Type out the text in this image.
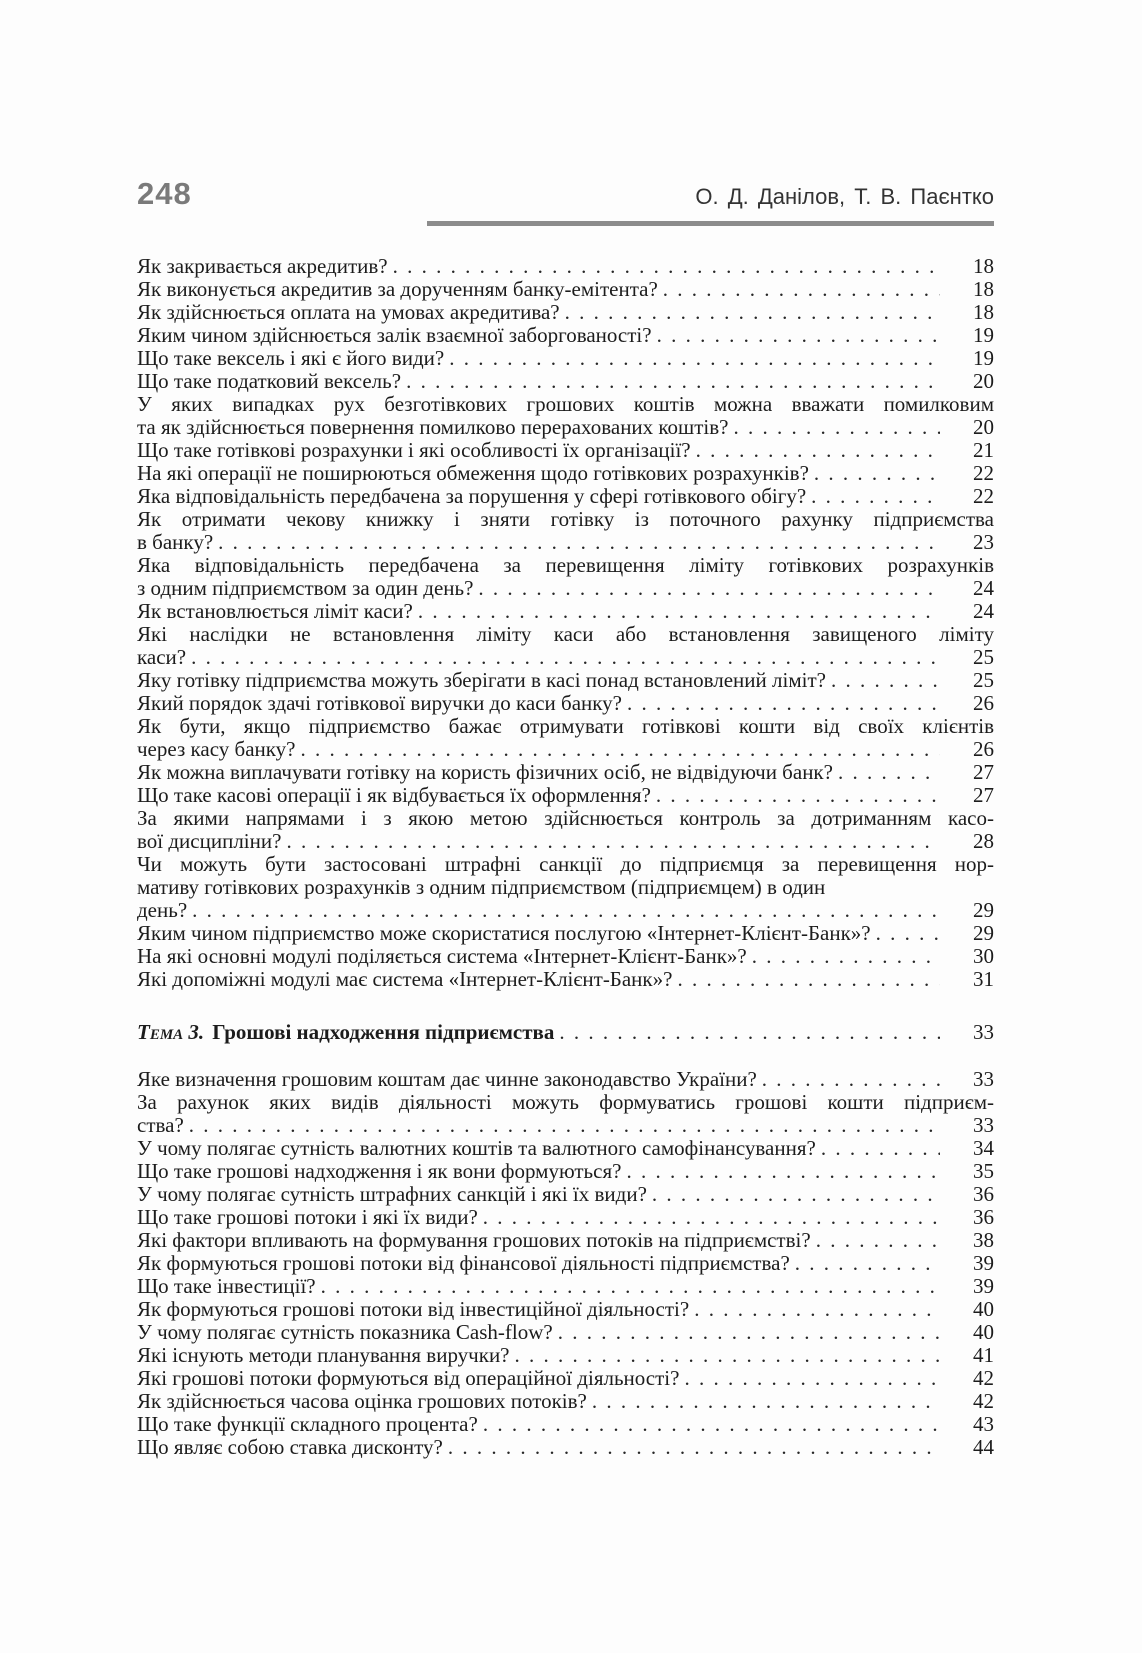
248	О. Д. Данілов, Т. В. Паєнтко
Як закривається акредитив? . . .	18
Як виконується акредитив за дорученням банку-емітента? . . .	18
Як здійснюється оплата на умовах акредитива? . . .	18
Яким чином здійснюється залік взаємної заборгованості? . . .	19
Що таке вексель і які є його види? . . .	19
Що таке податковий вексель? . . .	20
У яких випадках рух безготівкових грошових коштів можна вважати помилковим
та як здійснюється повернення помилково перерахованих коштів? . . .	20
Що таке готівкові розрахунки і які особливості їх організації? . . .	21
На які операції не поширюються обмеження щодо готівкових розрахунків? . . .	22
Яка відповідальність передбачена за порушення у сфері готівкового обігу? . . .	22
Як отримати чекову книжку і зняти готівку із поточного рахунку підприємства
в банку? . . .	23
Яка відповідальність передбачена за перевищення ліміту готівкових розрахунків
з одним підприємством за один день? . . .	24
Як встановлюється ліміт каси? . . .	24
Які наслідки не встановлення ліміту каси або встановлення завищеного ліміту
каси? . . .	25
Яку готівку підприємства можуть зберігати в касі понад встановлений ліміт? . . .	25
Який порядок здачі готівкової виручки до каси банку? . . .	26
Як бути, якщо підприємство бажає отримувати готівкові кошти від своїх клієнтів
через касу банку? . . .	26
Як можна виплачувати готівку на користь фізичних осіб, не відвідуючи банк? . . .	27
Що таке касові операції і як відбувається їх оформлення? . . .	27
За якими напрямами і з якою метою здійснюється контроль за дотриманням касо-
вої дисципліни? . . .	28
Чи можуть бути застосовані штрафні санкції до підприємця за перевищення нор-
мативу готівкових розрахунків з одним підприємством (підприємцем) в один
день? . . .	29
Яким чином підприємство може скористатися послугою «Інтернет-Клієнт-Банк»? . . .	29
На які основні модулі поділяється система «Інтернет-Клієнт-Банк»? . . .	30
Які допоміжні модулі має система «Інтернет-Клієнт-Банк»? . . .	31
Тема 3. Грошові надходження підприємства . . .	33
Яке визначення грошовим коштам дає чинне законодавство України? . . .	33
За рахунок яких видів діяльності можуть формуватись грошові кошти підприєм-
ства? . . .	33
У чому полягає сутність валютних коштів та валютного самофінансування? . . .	34
Що таке грошові надходження і як вони формуються? . . .	35
У чому полягає сутність штрафних санкцій і які їх види? . . .	36
Що таке грошові потоки і які їх види? . . .	36
Які фактори впливають на формування грошових потоків на підприємстві? . . .	38
Як формуються грошові потоки від фінансової діяльності підприємства? . . .	39
Що таке інвестиції? . . .	39
Як формуються грошові потоки від інвестиційної діяльності? . . .	40
У чому полягає сутність показника Cash-flow? . . .	40
Які існують методи планування виручки? . . .	41
Які грошові потоки формуються від операційної діяльності? . . .	42
Як здійснюється часова оцінка грошових потоків? . . .	42
Що таке функції складного процента? . . .	43
Що являє собою ставка дисконту? . . .	44
